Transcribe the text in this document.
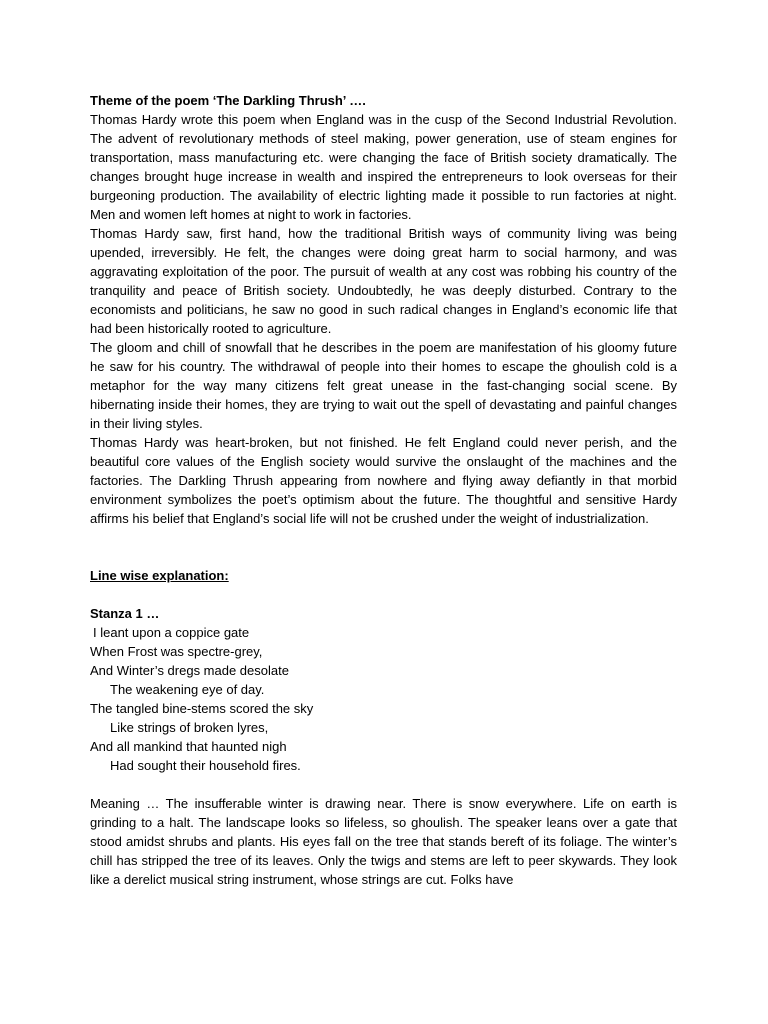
Theme of the poem ‘The Darkling Thrush’ ….

Thomas Hardy wrote this poem when England was in the cusp of the Second Industrial Revolution. The advent of revolutionary methods of steel making, power generation, use of steam engines for transportation, mass manufacturing etc. were changing the face of British society dramatically. The changes brought huge increase in wealth and inspired the entrepreneurs to look overseas for their burgeoning production. The availability of electric lighting made it possible to run factories at night. Men and women left homes at night to work in factories.

Thomas Hardy saw, first hand, how the traditional British ways of community living was being upended, irreversibly. He felt, the changes were doing great harm to social harmony, and was aggravating exploitation of the poor. The pursuit of wealth at any cost was robbing his country of the tranquility and peace of British society. Undoubtedly, he was deeply disturbed. Contrary to the economists and politicians, he saw no good in such radical changes in England’s economic life that had been historically rooted to agriculture.

The gloom and chill of snowfall that he describes in the poem are manifestation of his gloomy future he saw for his country. The withdrawal of people into their homes to escape the ghoulish cold is a metaphor for the way many citizens felt great unease in the fast-changing social scene. By hibernating inside their homes, they are trying to wait out the spell of devastating and painful changes in their living styles.

Thomas Hardy was heart-broken, but not finished. He felt England could never perish, and the beautiful core values of the English society would survive the onslaught of the machines and the factories. The Darkling Thrush appearing from nowhere and flying away defiantly in that morbid environment symbolizes the poet’s optimism about the future. The thoughtful and sensitive Hardy affirms his belief that England’s social life will not be crushed under the weight of industrialization.

Line wise explanation:

Stanza 1 …

I leant upon a coppice gate

When Frost was spectre-grey,

And Winter’s dregs made desolate

The weakening eye of day.

The tangled bine-stems scored the sky

Like strings of broken lyres,

And all mankind that haunted nigh

Had sought their household fires.

Meaning … The insufferable winter is drawing near. There is snow everywhere. Life on earth is grinding to a halt. The landscape looks so lifeless, so ghoulish. The speaker leans over a gate that stood amidst shrubs and plants. His eyes fall on the tree that stands bereft of its foliage. The winter’s chill has stripped the tree of its leaves. Only the twigs and stems are left to peer skywards. They look like a derelict musical string instrument, whose strings are cut. Folks have
